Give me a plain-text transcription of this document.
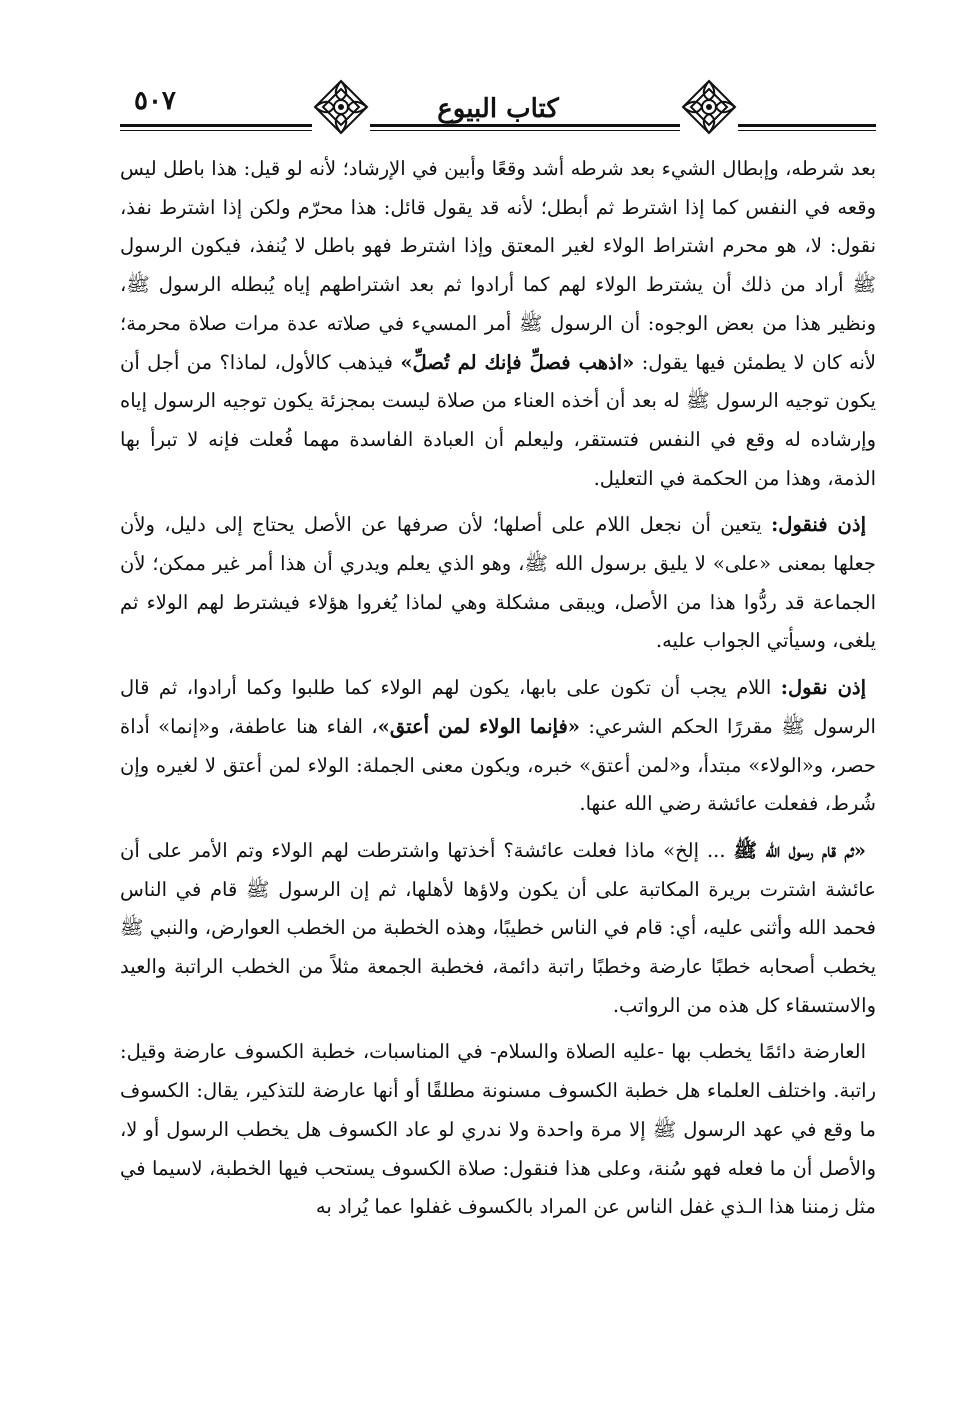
٥٠٧	كتاب البيوع

بعد شرطه، وإبطال الشيء بعد شرطه أشد وقعًا وأبين في الإرشاد؛ لأنه لو قيل: هذا باطل ليس وقعه في النفس كما إذا اشترط ثم أبطل؛ لأنه قد يقول قائل: هذا محرّم ولكن إذا اشترط نفذ، نقول: لا، هو محرم اشتراط الولاء لغير المعتق وإذا اشترط فهو باطل لا يُنفذ، فيكون الرسول ﷺ أراد من ذلك أن يشترط الولاء لهم كما أرادوا ثم بعد اشتراطهم إياه يُبطله الرسول ﷺ، ونظير هذا من بعض الوجوه: أن الرسول ﷺ أمر المسيء في صلاته عدة مرات صلاة محرمة؛ لأنه كان لا يطمئن فيها يقول: «اذهب فصلِّ فإنك لم تُصلِّ» فيذهب كالأول، لماذا؟ من أجل أن يكون توجيه الرسول ﷺ له بعد أن أخذه العناء من صلاة ليست بمجزئة يكون توجيه الرسول إياه وإرشاده له وقع في النفس فتستقر، وليعلم أن العبادة الفاسدة مهما فُعلت فإنه لا تبرأ بها الذمة، وهذا من الحكمة في التعليل.

إذن فنقول: يتعين أن نجعل اللام على أصلها؛ لأن صرفها عن الأصل يحتاج إلى دليل، ولأن جعلها بمعنى «على» لا يليق برسول الله ﷺ، وهو الذي يعلم ويدري أن هذا أمر غير ممكن؛ لأن الجماعة قد ردُّوا هذا من الأصل، ويبقى مشكلة وهي لماذا يُغروا هؤلاء فيشترط لهم الولاء ثم يلغى، وسيأتي الجواب عليه.

إذن نقول: اللام يجب أن تكون على بابها، يكون لهم الولاء كما طلبوا وكما أرادوا، ثم قال الرسول ﷺ مقررًا الحكم الشرعي: «فإنما الولاء لمن أعتق»، الفاء هنا عاطفة، و«إنما» أداة حصر، و«الولاء» مبتدأ، و«لمن أعتق» خبره، ويكون معنى الجملة: الولاء لمن أعتق لا لغيره وإن شُرط، ففعلت عائشة رضي الله عنها.

«ثم قام رسول الله ﷺ ... إلخ» ماذا فعلت عائشة؟ أخذتها واشترطت لهم الولاء وتم الأمر على أن عائشة اشترت بريرة المكاتبة على أن يكون ولاؤها لأهلها، ثم إن الرسول ﷺ قام في الناس فحمد الله وأثنى عليه، أي: قام في الناس خطيبًا، وهذه الخطبة من الخطب العوارض، والنبي ﷺ يخطب أصحابه خطبًا عارضة وخطبًا راتبة دائمة، فخطبة الجمعة مثلاً من الخطب الراتبة والعيد والاستسقاء كل هذه من الرواتب.

العارضة دائمًا يخطب بها -عليه الصلاة والسلام- في المناسبات، خطبة الكسوف عارضة وقيل: راتبة. واختلف العلماء هل خطبة الكسوف مسنونة مطلقًا أو أنها عارضة للتذكير، يقال: الكسوف ما وقع في عهد الرسول ﷺ إلا مرة واحدة ولا ندري لو عاد الكسوف هل يخطب الرسول أو لا، والأصل أن ما فعله فهو سُنة، وعلى هذا فنقول: صلاة الكسوف يستحب فيها الخطبة، لاسيما في مثل زمننا هذا الـذي غفل الناس عن المراد بالكسوف غفلوا عما يُراد به
